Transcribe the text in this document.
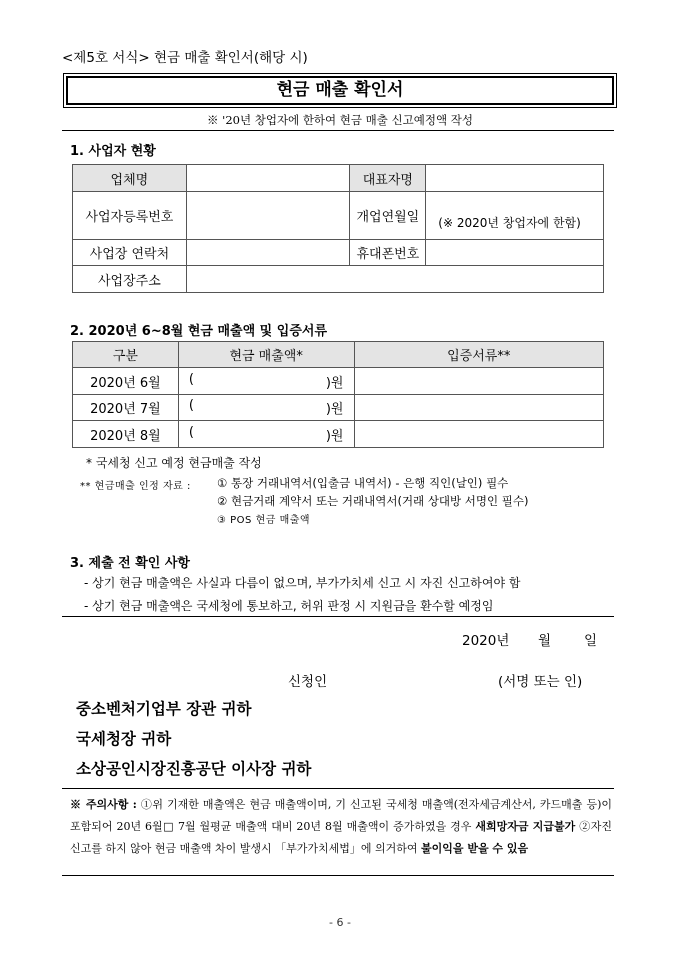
<제5호 서식> 현금 매출 확인서(해당 시)
현금 매출 확인서
※ '20년 창업자에 한하여 현금 매출 신고예정액 작성
1. 사업자 현황
업체명		대표자명	
사업자등록번호		개업연월일	(※ 2020년 창업자에 한함)
사업장 연락처		휴대폰번호	
사업장주소			
2. 2020년 6~8월 현금 매출액 및 입증서류
구분	현금 매출액*	입증서류**
2020년 6월	( )원	

2020년 7월	( )원	

2020년 8월	( )원	

* 국세청 신고 예정 현금매출 작성
** 현금매출 인정 자료 : ① 통장 거래내역서(입출금 내역서) - 은행 직인(날인) 필수
② 현금거래 계약서 또는 거래내역서(거래 상대방 서명인 필수)
③ POS 현금 매출액
3. 제출 전 확인 사항
- 상기 현금 매출액은 사실과 다름이 없으며, 부가가치세 신고 시 자진 신고하여야 함
- 상기 현금 매출액은 국세청에 통보하고, 허위 판정 시 지원금을 환수할 예정임
2020년 월 일
신청인	(서명 또는 인)
중소벤처기업부 장관 귀하
국세청장 귀하
소상공인시장진흥공단 이사장 귀하
※ 주의사항 : ①위 기재한 매출액은 현금 매출액이며, 기 신고된 국세청 매출액(전자세금계산서, 카드매출 등)이 포함되어 20년 6월□ 7월 월평균 매출액 대비 20년 8월 매출액이 증가하였을 경우 새희망자금 지급불가 ②자진 신고를 하지 않아 현금 매출액 차이 발생시 「부가가치세법」에 의거하여 불이익을 받을 수 있음
- 6 -
